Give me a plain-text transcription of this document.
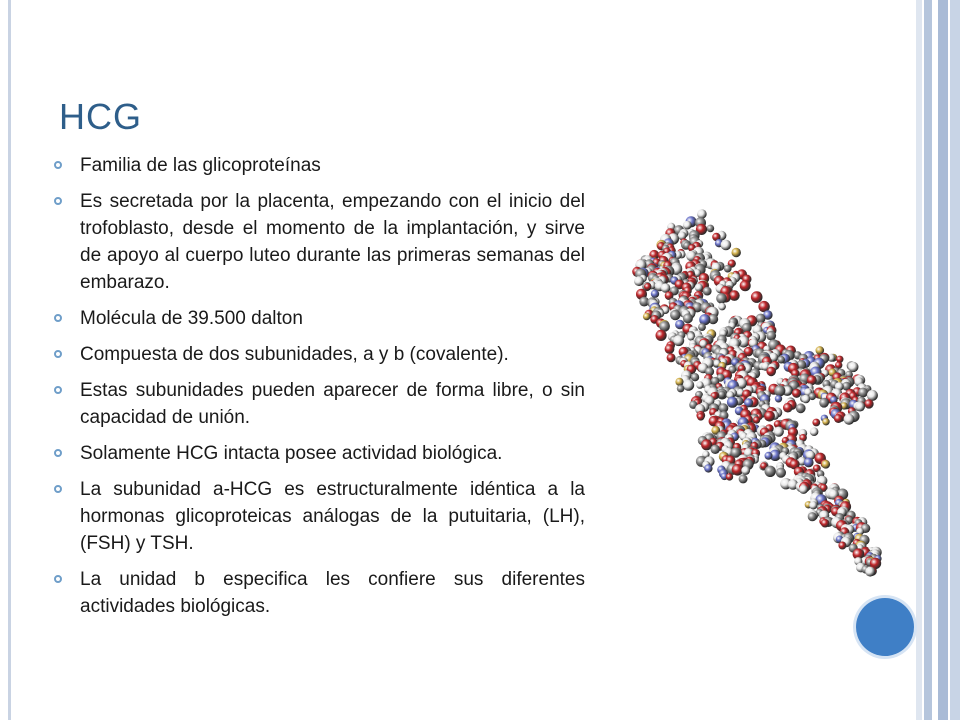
HCG
Familia de las glicoproteínas
Es secretada por la placenta, empezando con el inicio del trofoblasto, desde el momento de la implantación, y sirve de apoyo al cuerpo luteo durante las primeras semanas del embarazo.
Molécula de 39.500 dalton
Compuesta de dos subunidades, a y b (covalente).
Estas subunidades pueden aparecer de forma libre, o sin capacidad de unión.
Solamente HCG intacta posee actividad biológica.
La subunidad a-HCG es estructuralmente idéntica a la hormonas glicoproteicas análogas de la putuitaria, (LH), (FSH) y TSH.
La unidad b especifica les confiere sus diferentes actividades biológicas.
